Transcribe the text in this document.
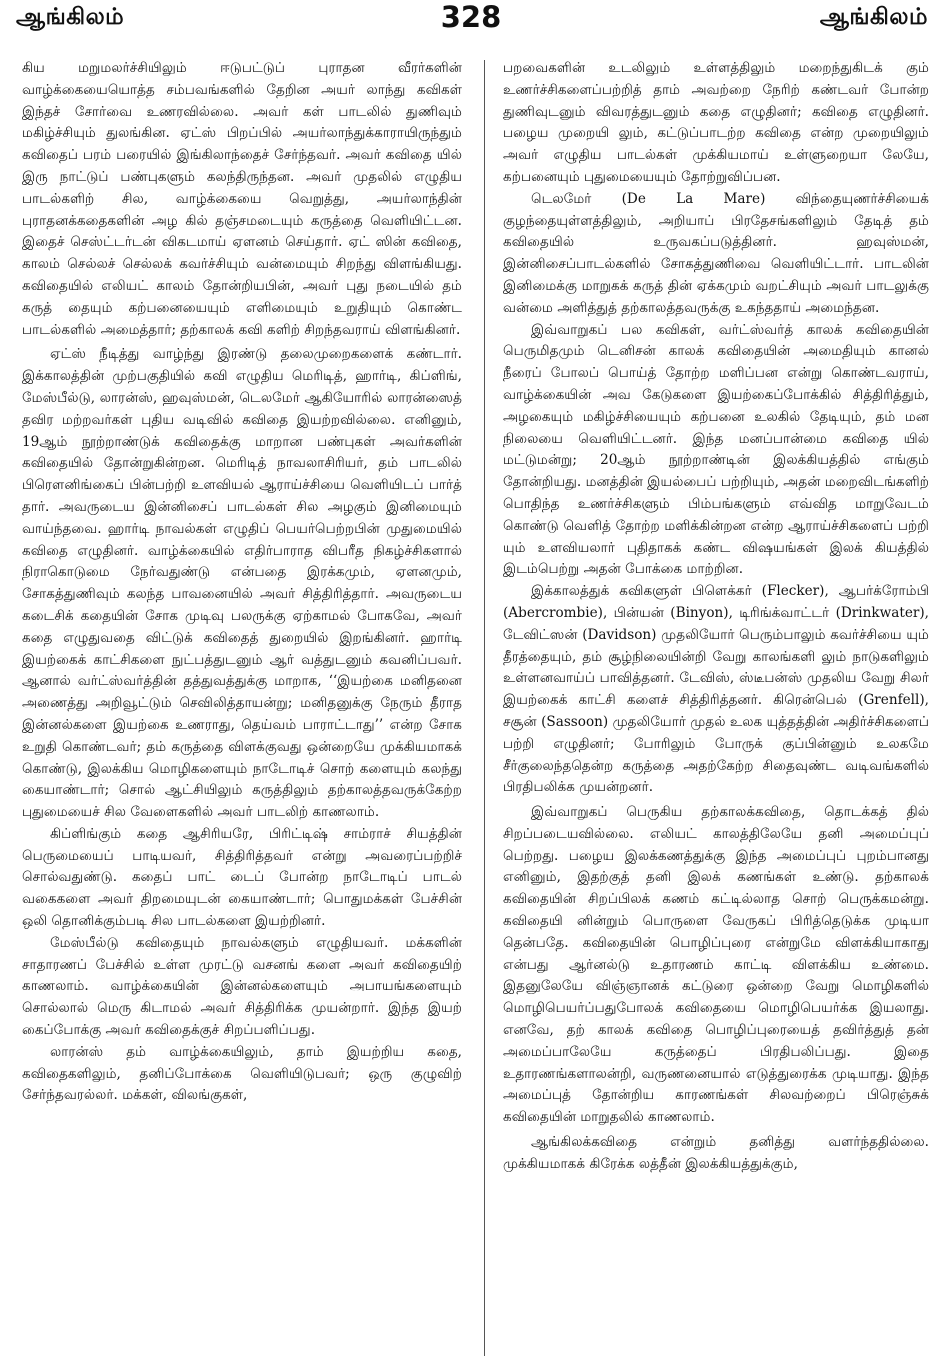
ஆங்கிலம்	328	ஆங்கிலம்

கிய மறுமலர்ச்சியிலும் ஈடுபட்டுப் புராதன வீரர்களின் வாழ்க்கையையொத்த சம்பவங்களில் தேறின அயர் லாந்து கவிகள் இந்தச் சோர்வை உணரவில்லை. அவர் கள் பாடலில் துணிவும் மகிழ்ச்சியும் துலங்கின. ஏட்ஸ் பிறப்பில் அயர்லாந்துக்காராயிருந்தும் கவிதைப் பரம் பரையில் இங்கிலாந்தைச் சேர்ந்தவர். அவர் கவிதை யில் இரு நாட்டுப் பண்புகளும் கலந்திருந்தன. அவர் முதலில் எழுதிய பாடல்களிற் சில, வாழ்க்கையை வெறுத்து, அயர்லாந்தின் புராதனக்கதைகளின் அழ கில் தஞ்சமடையும் கருத்தை வெளியிட்டன. இதைச் செஸ்ட்டர்டன் விகடமாய் ஏளனம் செய்தார். ஏட் ஸின் கவிதை, காலம் செல்லச் செல்லக் கவர்ச்சியும் வன்மையும் சிறந்து விளங்கியது. கவிதையில் எலியட் காலம் தோன்றியபின், அவர் புது நடையில் தம் கருத் தையும் கற்பனையையும் எளிமையும் உறுதியும் கொண்ட பாடல்களில் அமைத்தார்; தற்காலக் கவி களிற் சிறந்தவராய் விளங்கினர்.

ஏட்ஸ் நீடித்து வாழ்ந்து இரண்டு தலைமுறைகளைக் கண்டார். இக்காலத்தின் முற்பகுதியில் கவி எழுதிய மெரிடித், ஹார்டி, கிப்ளிங், மேஸ்பீல்டு, லாரன்ஸ், ஹவுஸ்மன், டெலமேர் ஆகியோரில் லாரன்ஸைத் தவிர மற்றவர்கள் புதிய வடிவில் கவிதை இயற்றவில்லை. எனினும், 19ஆம் நூற்றாண்டுக் கவிதைக்கு மாறான பண்புகள் அவர்களின் கவிதையில் தோன்றுகின்றன. மெரிடித் நாவலாசிரியர், தம் பாடலில் பிரௌனிங்கைப் பின்பற்றி உளவியல் ஆராய்ச்சியை வெளியிடப் பார்த் தார். அவருடைய இன்னிசைப் பாடல்கள் சில அழகும் இனிமையும் வாய்ந்தவை. ஹார்டி நாவல்கள் எழுதிப் பெயர்பெற்றபின் முதுமையில் கவிதை எழுதினர். வாழ்க்கையில் எதிர்பாராத விபரீத நிகழ்ச்சிகளால் நிராகொடுமை நேர்வதுண்டு என்பதை இரக்கமும், ஏளனமும், சோகத்துணிவும் கலந்த பாவனையில் அவர் சித்திரித்தார். அவருடைய கடைசிக் கதையின் சோக முடிவு பலருக்கு ஏற்காமல் போகவே, அவர் கதை எழுதுவதை விட்டுக் கவிதைத் துறையில் இறங்கினர். ஹார்டி இயற்கைக் காட்சிகளை நுட்பத்துடனும் ஆர் வத்துடனும் கவனிப்பவர். ஆனால் வர்ட்ஸ்வர்த்தின் தத்துவத்துக்கு மாறாக, ‘‘இயற்கை மனிதனை அணைத்து அறிவூட்டும் செவிலித்தாயன்று; மனிதனுக்கு நேரும் தீராத இன்னல்களை இயற்கை உணராது, தெய்வம் பாராட்டாது’’ என்ற சோக உறுதி கொண்டவர்; தம் கருத்தை விளக்குவது ஒன்றையே முக்கியமாகக் கொண்டு, இலக்கிய மொழிகளையும் நாடோடிச் சொற் களையும் கலந்து கையாண்டார்; சொல் ஆட்சியிலும் கருத்திலும் தற்காலத்தவருக்கேற்ற புதுமையைச் சில வேளைகளில் அவர் பாடலிற் காணலாம்.

கிப்ளிங்கும் கதை ஆசிரியரே, பிரிட்டிஷ் சாம்ராச் சியத்தின் பெருமையைப் பாடியவர், சித்திரித்தவர் என்று அவரைப்பற்றிச் சொல்வதுண்டு. கதைப் பாட் டைப் போன்ற நாடோடிப் பாடல் வகைகளை அவர் திறமையுடன் கையாண்டார்; பொதுமக்கள் பேச்சின் ஒலி தொனிக்கும்படி சில பாடல்களை இயற்றினர்.

மேஸ்பீல்டு கவிதையும் நாவல்களும் எழுதியவர். மக்களின் சாதாரணப் பேச்சில் உள்ள முரட்டு வசனங் களை அவர் கவிதையிற் காணலாம். வாழ்க்கையின் இன்னல்களையும் அபாயங்களையும் சொல்லால் மெரு கிடாமல் அவர் சித்திரிக்க முயன்றார். இந்த இயற் கைப்போக்கு அவர் கவிதைக்குச் சிறப்பளிப்பது.

லாரன்ஸ் தம் வாழ்க்கையிலும், தாம் இயற்றிய கதை, கவிதைகளிலும், தனிப்போக்கை வெளியிடுபவர்; ஒரு குழுவிற் சேர்ந்தவரல்லர். மக்கள், விலங்குகள்,

பறவைகளின் உடலிலும் உள்ளத்திலும் மறைந்துகிடக் கும் உணர்ச்சிகளைப்பற்றித் தாம் அவற்றை நேரிற் கண்டவர் போன்ற துணிவுடனும் விவரத்துடனும் கதை எழுதினர்; கவிதை எழுதினர். பழைய முறையி லும், கட்டுப்பாடற்ற கவிதை என்ற முறையிலும் அவர் எழுதிய பாடல்கள் முக்கியமாய் உள்ளுறையா லேயே, கற்பனையும் புதுமையையும் தோற்றுவிப்பன.

டெலமேர் (De La Mare) விந்தையுணர்ச்சியைக் குழந்தையுள்ளத்திலும், அறியாப் பிரதேசங்களிலும் தேடித் தம் கவிதையில் உருவகப்படுத்தினர். ஹவுஸ்மன், இன்னிசைப்பாடல்களில் சோகத்துணிவை வெளியிட்டார். பாடலின் இனிமைக்கு மாறுகக் கருத் தின் ஏக்கமும் வறட்சியும் அவர் பாடலுக்கு வன்மை அளித்துத் தற்காலத்தவருக்கு உகந்ததாய் அமைந்தன.

இவ்வாறுகப் பல கவிகள், வர்ட்ஸ்வர்த் காலக் கவிதையின் பெருமிதமும் டெனிசன் காலக் கவிதையின் அமைதியும் கானல் நீரைப் போலப் பொய்த் தோற்ற மளிப்பன என்று கொண்டவராய், வாழ்க்கையின் அவ கேடுகளை இயற்கைப்போக்கில் சித்திரித்தும், அழகையும் மகிழ்ச்சியையும் கற்பனை உலகில் தேடியும், தம் மன நிலையை வெளியிட்டனர். இந்த மனப்பான்மை கவிதை யில் மட்டுமன்று; 20ஆம் நூற்றாண்டின் இலக்கியத்தில் எங்கும் தோன்றியது. மனத்தின் இயல்பைப் பற்றியும், அதன் மறைவிடங்களிற் பொதிந்த உணர்ச்சிகளும் பிம்பங்களும் எவ்வித மாறுவேடம் கொண்டு வெளித் தோற்ற மளிக்கின்றன என்ற ஆராய்ச்சிகளைப் பற்றி யும் உளவியலார் புதிதாகக் கண்ட விஷயங்கள் இலக் கியத்தில் இடம்பெற்று அதன் போக்கை மாற்றின.

இக்காலத்துக் கவிகளுள் பிளெக்கர் (Flecker), ஆபர்க்ரோம்பி (Abercrombie), பின்யன் (Binyon), டிரிங்க்வாட்டர் (Drinkwater), டேவிட்ஸன் (Davidson) முதலியோர் பெரும்பாலும் கவர்ச்சியை யும் தீரத்தையும், தம் சூழ்நிலையின்றி வேறு காலங்களி லும் நாடுகளிலும் உள்ளனவாய்ப் பாவித்தனர். டேவிஸ், ஸ்டீபன்ஸ் முதலிய வேறு சிலர் இயற்கைக் காட்சி களைச் சித்திரித்தனர். கிரென்பெல் (Grenfell), சசூன் (Sassoon) முதலியோர் முதல் உலக யுத்தத்தின் அதிர்ச்சிகளைப் பற்றி எழுதினர்; போரிலும் போருக் குப்பின்னும் உலகமே சீர்குலைந்ததென்ற கருத்தை அதற்கேற்ற சிதைவுண்ட வடிவங்களில் பிரதிபலிக்க முயன்றனர்.

இவ்வாறுகப் பெருகிய தற்காலக்கவிதை, தொடக்கத் தில் சிறப்படையவில்லை. எலியட் காலத்திலேயே தனி அமைப்புப் பெற்றது. பழைய இலக்கணத்துக்கு இந்த அமைப்புப் புறம்பானது எனினும், இதற்குத் தனி இலக் கணங்கள் உண்டு. தற்காலக் கவிதையின் சிறப்பிலக் கணம் கட்டில்லாத சொற் பெருக்கமன்று. கவிதையி னின்றும் பொருளை வேருகப் பிரித்தெடுக்க முடியா தென்பதே. கவிதையின் பொழிப்புரை என்றுமே விளக்கியாகாது என்பது ஆர்னல்டு உதாரணம் காட்டி விளக்கிய உண்மை. இதனுலேயே விஞ்ஞானக் கட்டுரை ஒன்றை வேறு மொழிகளில் மொழிபெயர்ப்பதுபோலக் கவிதையை மொழிபெயர்க்க இயலாது. எனவே, தற் காலக் கவிதை பொழிப்புரையைத் தவிர்த்துத் தன் அமைப்பாலேயே கருத்தைப் பிரதிபலிப்பது. இதை உதாரணங்களாலன்றி, வருணனையால் எடுத்துரைக்க முடியாது. இந்த அமைப்புத் தோன்றிய காரணங்கள் சிலவற்றைப் பிரெஞ்சுக் கவிதையின் மாறுதலில் காணலாம்.

ஆங்கிலக்கவிதை என்றும் தனித்து வளர்ந்ததில்லை. முக்கியமாகக் கிரேக்க லத்தீன் இலக்கியத்துக்கும்,
